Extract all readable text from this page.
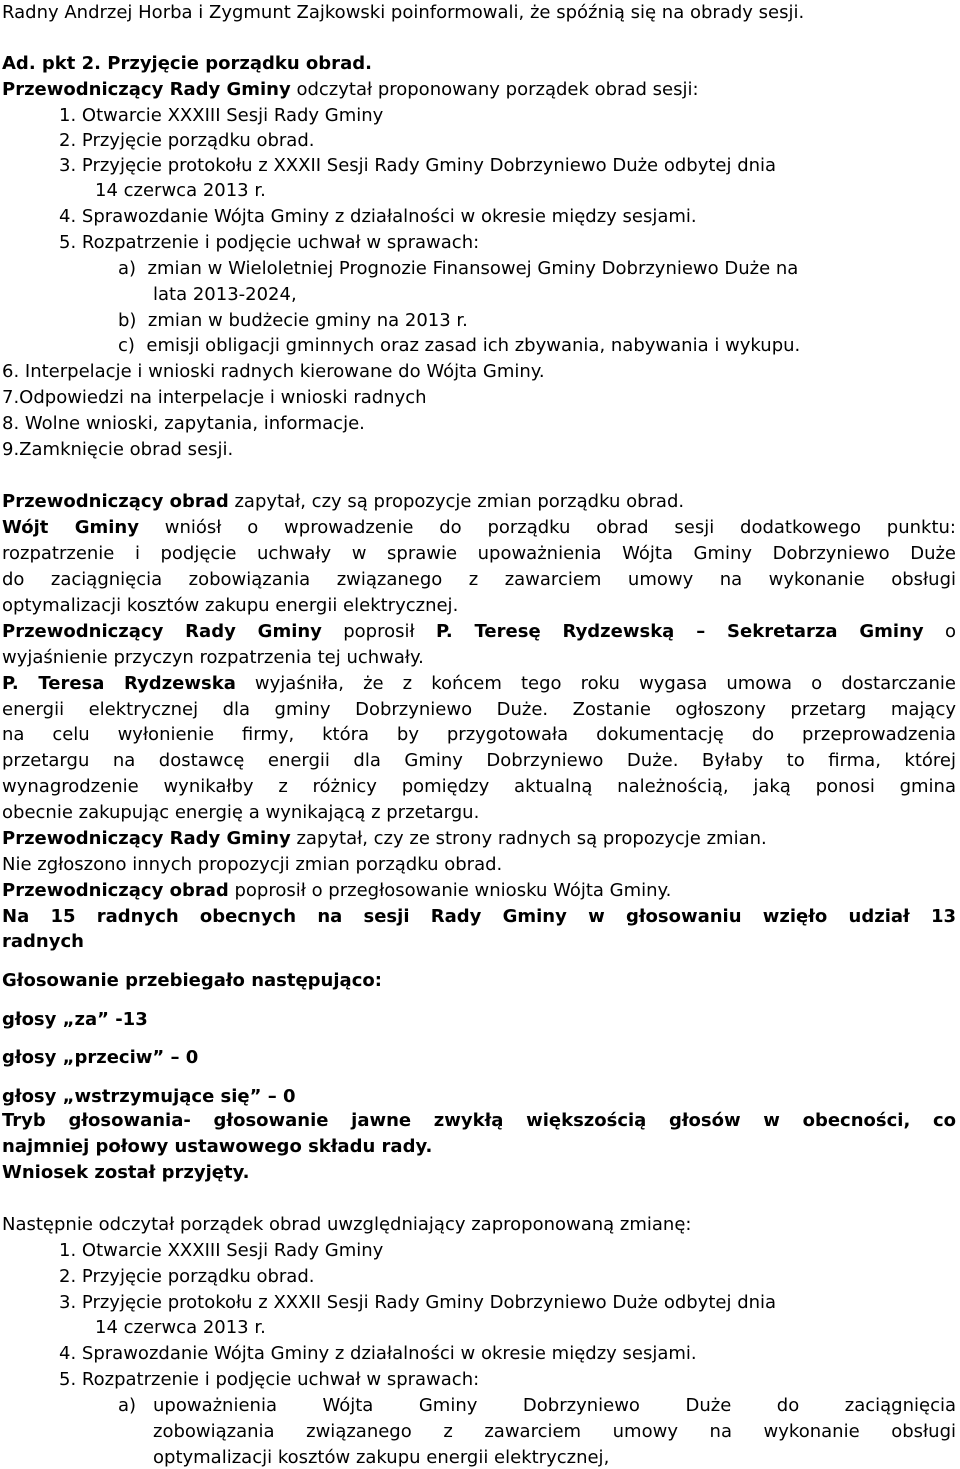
Radny Andrzej Horba i Zygmunt Zajkowski poinformowali, że spóźnią się na obrady sesji.
Ad. pkt 2. Przyjęcie porządku obrad.
Przewodniczący Rady Gminy odczytał proponowany porządek obrad sesji:
1. Otwarcie XXXIII Sesji Rady Gminy
2. Przyjęcie porządku obrad.
3. Przyjęcie protokołu z XXXII Sesji Rady Gminy Dobrzyniewo Duże odbytej dnia
14 czerwca 2013 r.
4. Sprawozdanie Wójta Gminy z działalności w okresie między sesjami.
5. Rozpatrzenie i podjęcie uchwał w sprawach:
a) zmian w Wieloletniej Prognozie Finansowej Gminy Dobrzyniewo Duże na
lata 2013-2024,
b) zmian w budżecie gminy na 2013 r.
c) emisji obligacji gminnych oraz zasad ich zbywania, nabywania i wykupu.
6. Interpelacje i wnioski radnych kierowane do Wójta Gminy.
7.Odpowiedzi na interpelacje i wnioski radnych
8. Wolne wnioski, zapytania, informacje.
9.Zamknięcie obrad sesji.
Przewodniczący obrad zapytał, czy są propozycje zmian porządku obrad.
Wójt Gminy wniósł o wprowadzenie do porządku obrad sesji dodatkowego punktu:
rozpatrzenie i podjęcie uchwały w sprawie upoważnienia Wójta Gminy Dobrzyniewo Duże
do zaciągnięcia zobowiązania związanego z zawarciem umowy na wykonanie obsługi
optymalizacji kosztów zakupu energii elektrycznej.
Przewodniczący Rady Gminy poprosił P. Teresę Rydzewską – Sekretarza Gminy o
wyjaśnienie przyczyn rozpatrzenia tej uchwały.
P. Teresa Rydzewska wyjaśniła, że z końcem tego roku wygasa umowa o dostarczanie
energii elektrycznej dla gminy Dobrzyniewo Duże. Zostanie ogłoszony przetarg mający
na celu wyłonienie firmy, która by przygotowała dokumentację do przeprowadzenia
przetargu na dostawcę energii dla Gminy Dobrzyniewo Duże. Byłaby to firma, której
wynagrodzenie wynikałby z różnicy pomiędzy aktualną należnością, jaką ponosi gmina
obecnie zakupując energię a wynikającą z przetargu.
Przewodniczący Rady Gminy zapytał, czy ze strony radnych są propozycje zmian.
Nie zgłoszono innych propozycji zmian porządku obrad.
Przewodniczący obrad poprosił o przegłosowanie wniosku Wójta Gminy.
Na 15 radnych obecnych na sesji Rady Gminy w głosowaniu wzięło udział 13
radnych
Głosowanie przebiegało następująco:
głosy „za” -13
głosy „przeciw” – 0
głosy „wstrzymujące się” – 0
Tryb głosowania- głosowanie jawne zwykłą większością głosów w obecności, co
najmniej połowy ustawowego składu rady.
Wniosek został przyjęty.
Następnie odczytał porządek obrad uwzględniający zaproponowaną zmianę:
1. Otwarcie XXXIII Sesji Rady Gminy
2. Przyjęcie porządku obrad.
3. Przyjęcie protokołu z XXXII Sesji Rady Gminy Dobrzyniewo Duże odbytej dnia
14 czerwca 2013 r.
4. Sprawozdanie Wójta Gminy z działalności w okresie między sesjami.
5. Rozpatrzenie i podjęcie uchwał w sprawach:
a) upoważnienia Wójta Gminy Dobrzyniewo Duże do zaciągnięcia
zobowiązania związanego z zawarciem umowy na wykonanie obsługi
optymalizacji kosztów zakupu energii elektrycznej,
